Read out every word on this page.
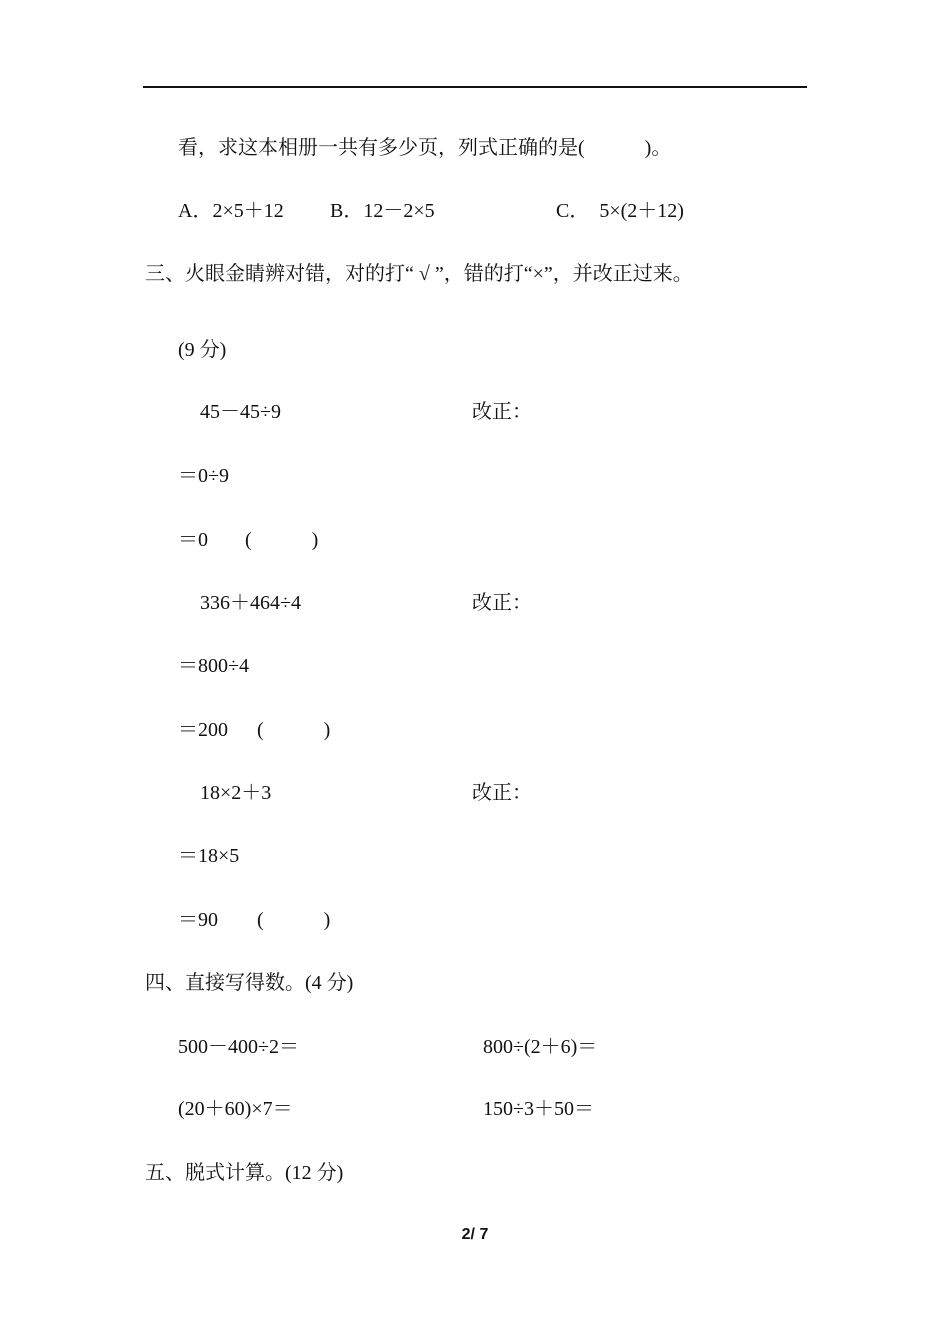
看，求这本相册一共有多少页，列式正确的是(　　　)。
A．2×5＋12 B．12－2×5	C．　5×(2＋12)
三、火眼金睛辨对错，对的打“ √ ”，错的打“×”，并改正过来。
(9 分)
45－45÷9	改正：
＝0÷9
＝0 (　　　)
336＋464÷4	改正：
＝800÷4
＝200 (　　　)
18×2＋3	改正：
＝18×5
＝90 (　　　)
四、直接写得数。(4 分)
500－400÷2＝	800÷(2＋6)＝
(20＋60)×7＝	150÷3＋50＝
五、脱式计算。(12 分)
2/ 7
